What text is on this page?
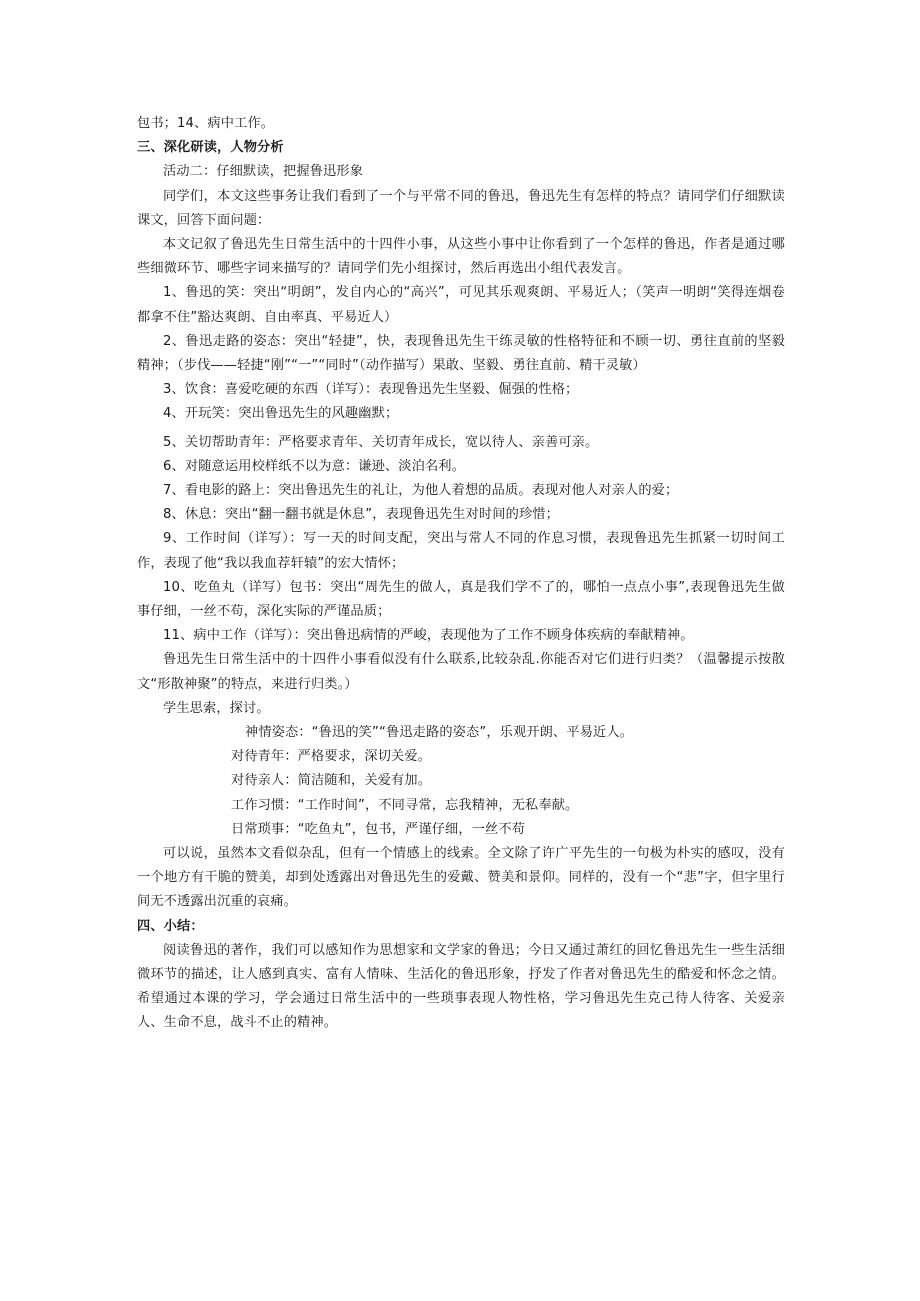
包书；14、病中工作。
三、深化研读，人物分析
活动二：仔细默读，把握鲁迅形象
同学们，本文这些事务让我们看到了一个与平常不同的鲁迅，鲁迅先生有怎样的特点？请同学们仔细默读课文，回答下面问题：
本文记叙了鲁迅先生日常生活中的十四件小事，从这些小事中让你看到了一个怎样的鲁迅，作者是通过哪些细微环节、哪些字词来描写的？请同学们先小组探讨，然后再选出小组代表发言。
1、鲁迅的笑：突出“明朗”，发自内心的“高兴”，可见其乐观爽朗、平易近人；（笑声一明朗“笑得连烟卷都拿不住”豁达爽朗、自由率真、平易近人）
2、鲁迅走路的姿态：突出“轻捷”，快，表现鲁迅先生干练灵敏的性格特征和不顾一切、勇往直前的坚毅精神；（步伐——轻捷“刚”“一”“同时”（动作描写）果敢、坚毅、勇往直前、精干灵敏）
3、饮食：喜爱吃硬的东西（详写）：表现鲁迅先生坚毅、倔强的性格；
4、开玩笑：突出鲁迅先生的风趣幽默；
5、关切帮助青年：严格要求青年、关切青年成长，宽以待人、亲善可亲。
6、对随意运用校样纸不以为意：谦逊、淡泊名利。
7、看电影的路上：突出鲁迅先生的礼让，为他人着想的品质。表现对他人对亲人的爱；
8、休息：突出“翻一翻书就是休息”，表现鲁迅先生对时间的珍惜；
9、工作时间（详写）：写一天的时间支配，突出与常人不同的作息习惯，表现鲁迅先生抓紧一切时间工作，表现了他“我以我血荐轩辕”的宏大情怀；
10、吃鱼丸（详写）包书：突出“周先生的做人，真是我们学不了的，哪怕一点点小事”,表现鲁迅先生做事仔细，一丝不苟，深化实际的严谨品质；
11、病中工作（详写）：突出鲁迅病情的严峻，表现他为了工作不顾身体疾病的奉献精神。
鲁迅先生日常生活中的十四件小事看似没有什么联系,比较杂乱.你能否对它们进行归类？（温馨提示按散文“形散神聚”的特点，来进行归类。）
学生思索，探讨。
神情姿态：“鲁迅的笑”“鲁迅走路的姿态”，乐观开朗、平易近人。
对待青年：严格要求，深切关爱。
对待亲人：简洁随和，关爱有加。
工作习惯：“工作时间”，不同寻常，忘我精神，无私奉献。
日常琐事：“吃鱼丸”，包书，严谨仔细，一丝不苟
可以说，虽然本文看似杂乱，但有一个情感上的线索。全文除了许广平先生的一句极为朴实的感叹，没有一个地方有干脆的赞美，却到处透露出对鲁迅先生的爱戴、赞美和景仰。同样的，没有一个“悲”字，但字里行间无不透露出沉重的哀痛。
四、小结：
阅读鲁迅的著作，我们可以感知作为思想家和文学家的鲁迅；今日又通过萧红的回忆鲁迅先生一些生活细微环节的描述，让人感到真实、富有人情味、生活化的鲁迅形象，抒发了作者对鲁迅先生的酷爱和怀念之情。希望通过本课的学习，学会通过日常生活中的一些琐事表现人物性格，学习鲁迅先生克己待人待客、关爱亲人、生命不息，战斗不止的精神。
